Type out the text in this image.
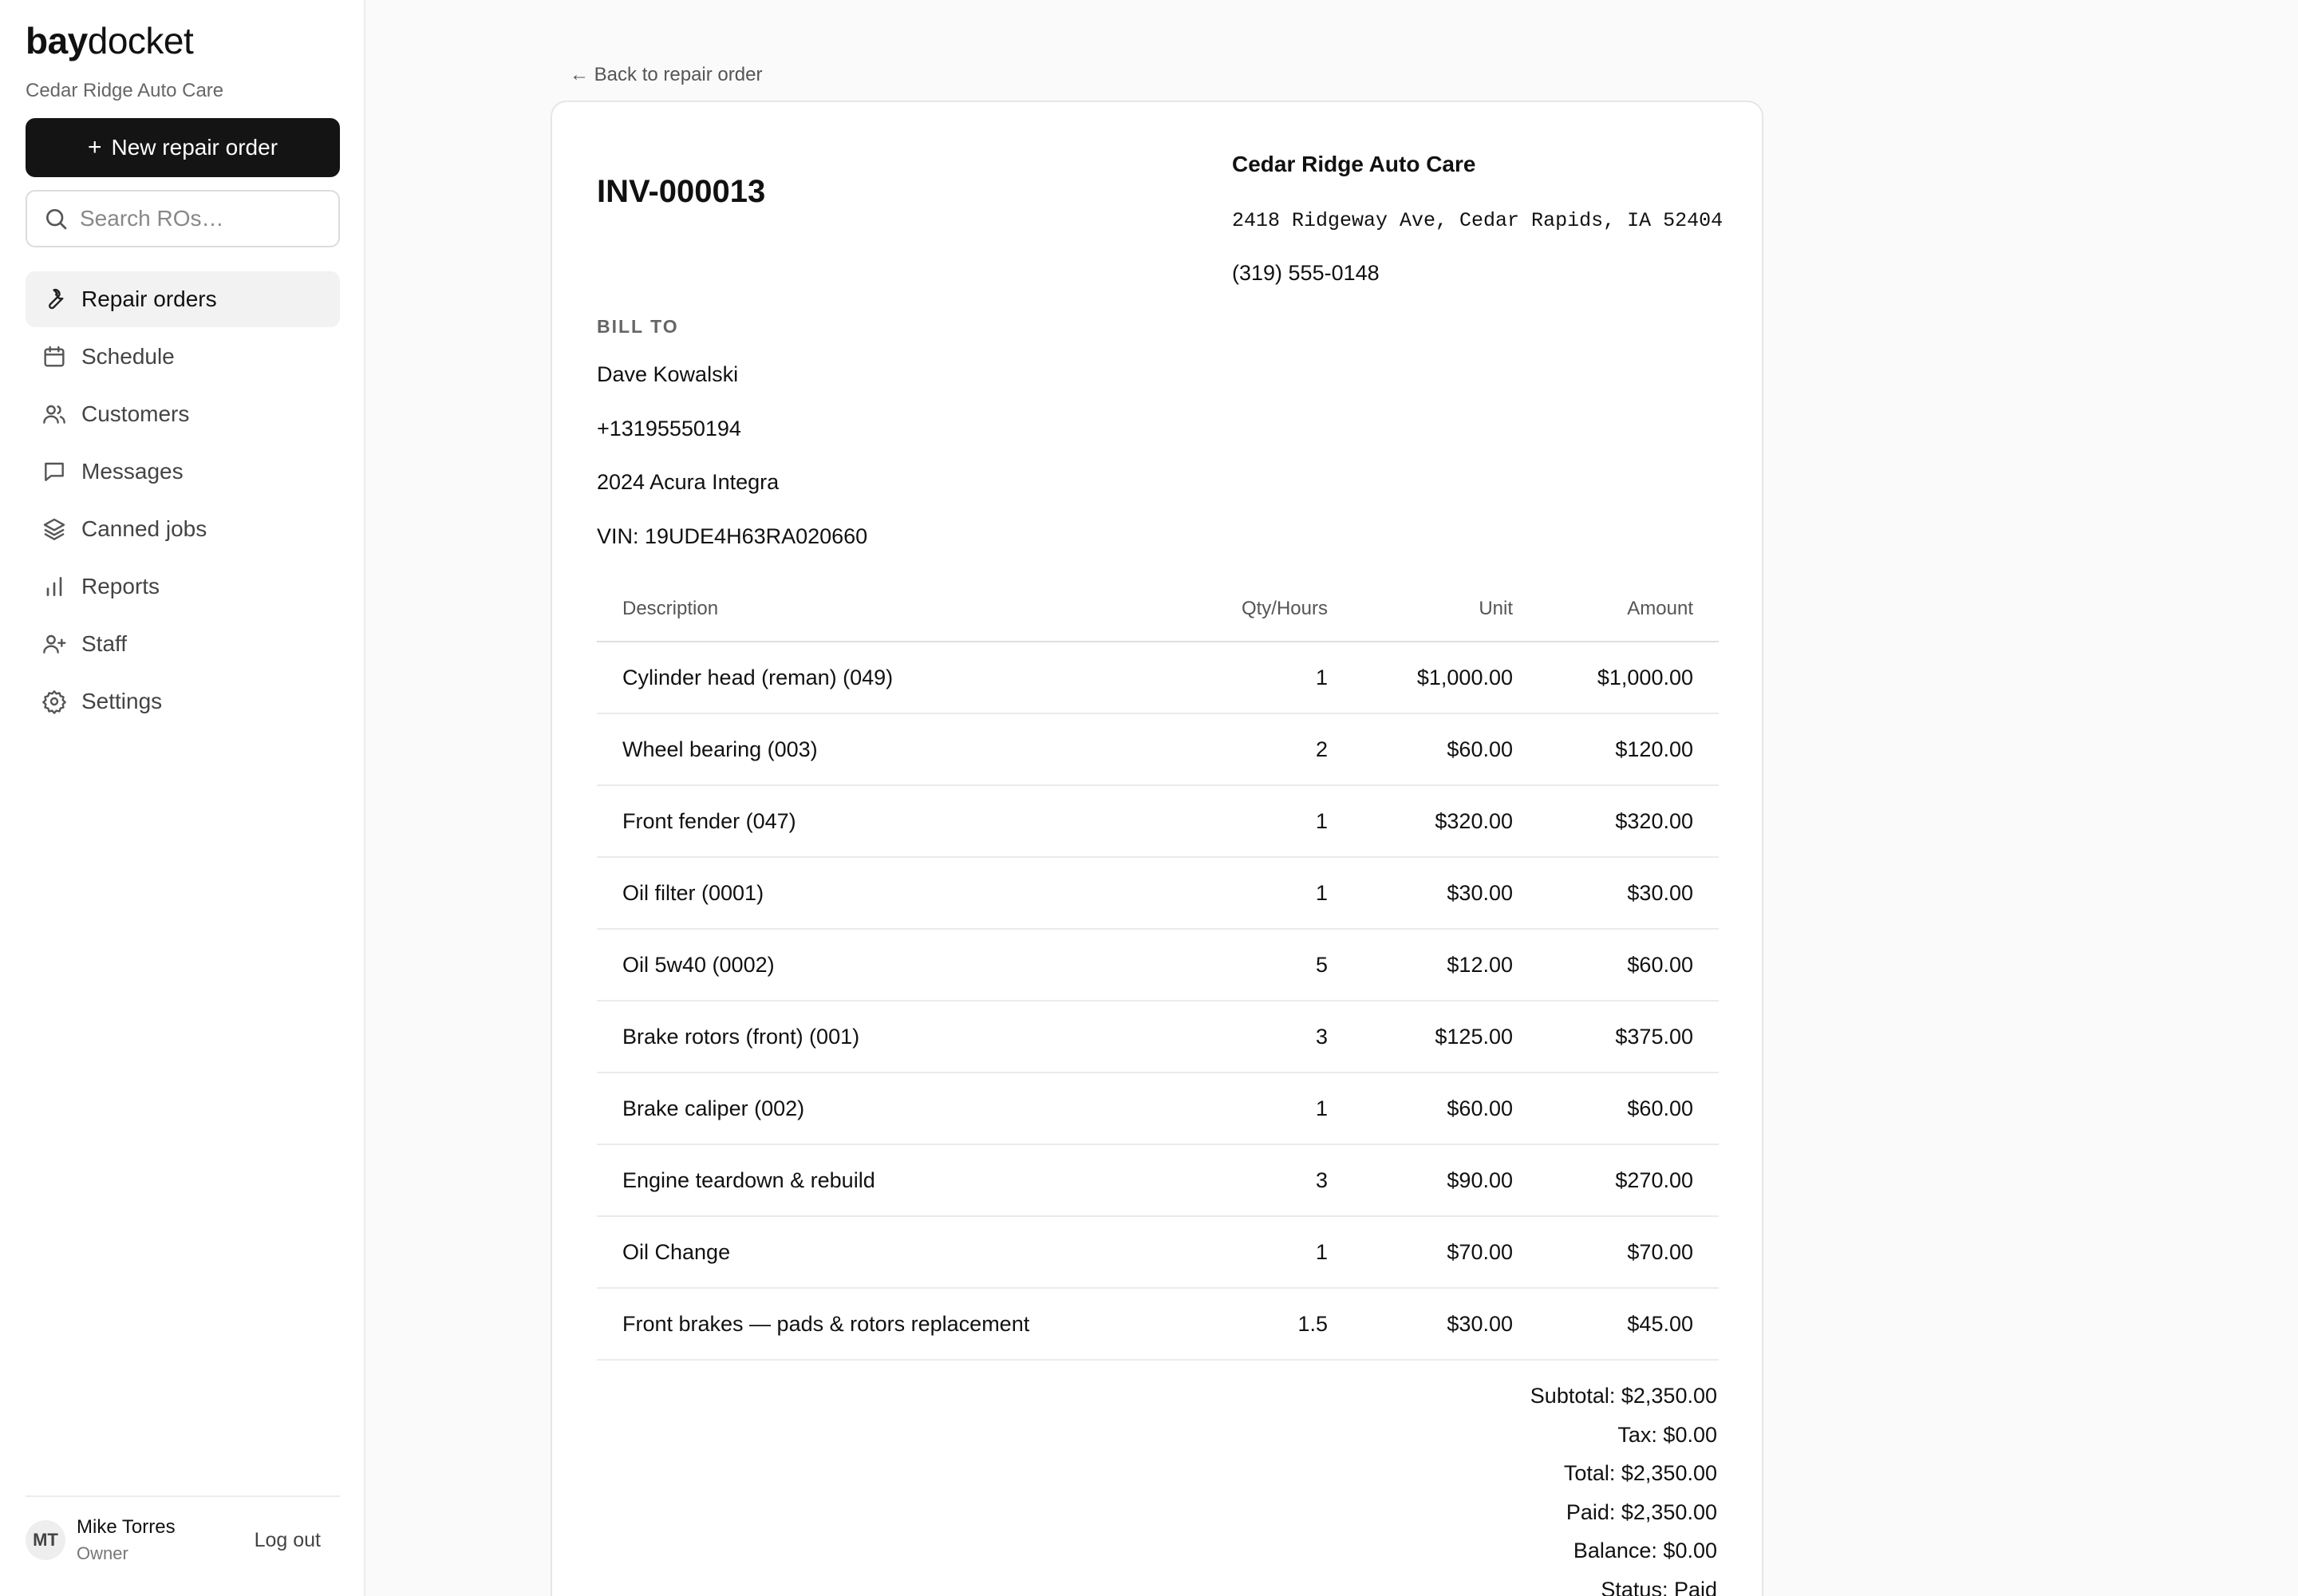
baydocket
Cedar Ridge Auto Care
+ New repair order
Search ROs…
Repair orders
Schedule
Customers
Messages
Canned jobs
Reports
Staff
Settings
MT
Mike Torres
Owner
Log out
← Back to repair order
INV-000013
Cedar Ridge Auto Care
2418 Ridgeway Ave, Cedar Rapids, IA 52404
(319) 555-0148
BILL TO
Dave Kowalski
+13195550194
2024 Acura Integra
VIN: 19UDE4H63RA020660
Description	Qty/Hours	Unit	Amount
Cylinder head (reman) (049)	1	$1,000.00	$1,000.00
Wheel bearing (003)	2	$60.00	$120.00
Front fender (047)	1	$320.00	$320.00
Oil filter (0001)	1	$30.00	$30.00
Oil 5w40 (0002)	5	$12.00	$60.00
Brake rotors (front) (001)	3	$125.00	$375.00
Brake caliper (002)	1	$60.00	$60.00
Engine teardown & rebuild	3	$90.00	$270.00
Oil Change	1	$70.00	$70.00
Front brakes — pads & rotors replacement	1.5	$30.00	$45.00
Subtotal: $2,350.00
Tax: $0.00
Total: $2,350.00
Paid: $2,350.00
Balance: $0.00
Status: Paid
